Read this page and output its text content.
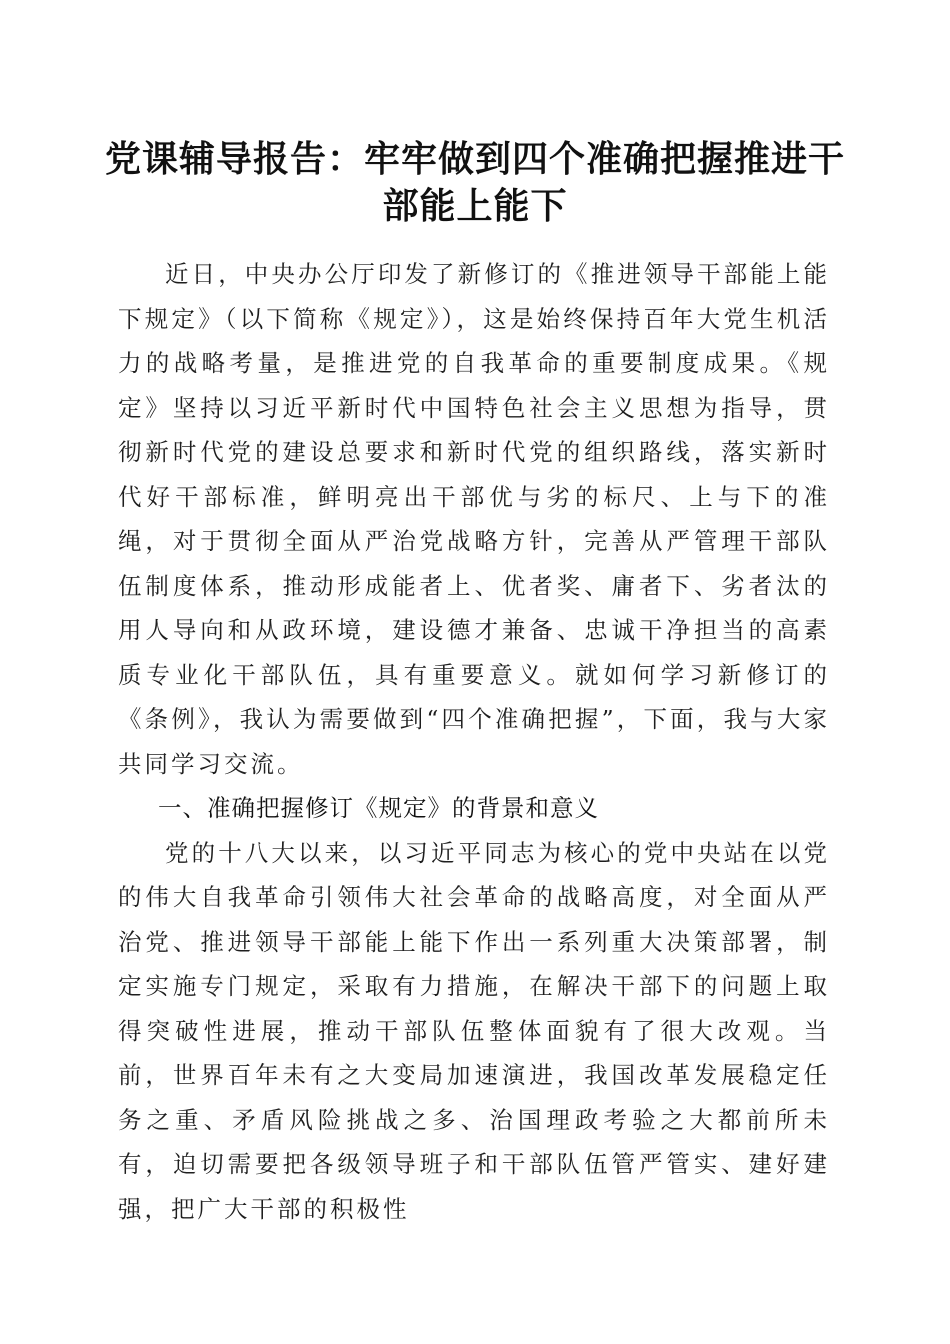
党课辅导报告：牢牢做到四个准确把握推进干部能上能下

近日，中央办公厅印发了新修订的《推进领导干部能上能下规定》（以下简称《规定》），这是始终保持百年大党生机活力的战略考量，是推进党的自我革命的重要制度成果。《规定》坚持以习近平新时代中国特色社会主义思想为指导，贯彻新时代党的建设总要求和新时代党的组织路线，落实新时代好干部标准，鲜明亮出干部优与劣的标尺、上与下的准绳，对于贯彻全面从严治党战略方针，完善从严管理干部队伍制度体系，推动形成能者上、优者奖、庸者下、劣者汰的用人导向和从政环境，建设德才兼备、忠诚干净担当的高素质专业化干部队伍，具有重要意义。就如何学习新修订的《条例》，我认为需要做到“四个准确把握”，下面，我与大家共同学习交流。

一、准确把握修订《规定》的背景和意义

党的十八大以来，以习近平同志为核心的党中央站在以党的伟大自我革命引领伟大社会革命的战略高度，对全面从严治党、推进领导干部能上能下作出一系列重大决策部署，制定实施专门规定，采取有力措施，在解决干部下的问题上取得突破性进展，推动干部队伍整体面貌有了很大改观。当前，世界百年未有之大变局加速演进，我国改革发展稳定任务之重、矛盾风险挑战之多、治国理政考验之大都前所未有，迫切需要把各级领导班子和干部队伍管严管实、建好建强，把广大干部的积极性
